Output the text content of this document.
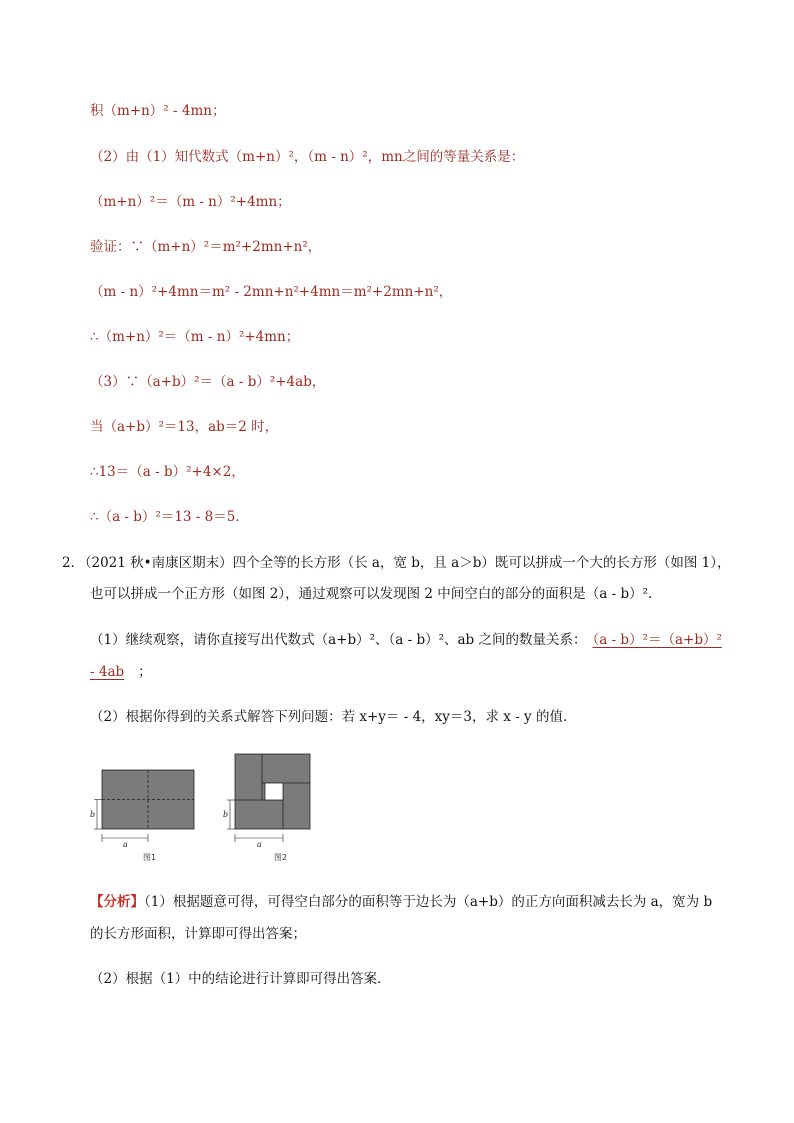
积（m+n）² - 4mn；
（2）由（1）知代数式（m+n）²，（m - n）²，mn之间的等量关系是：
（m+n）²＝（m - n）²+4mn；
验证：∵（m+n）²＝m²+2mn+n²，
（m - n）²+4mn＝m² - 2mn+n²+4mn＝m²+2mn+n²，
∴（m+n）²＝（m - n）²+4mn；
（3）∵（a+b）²＝（a - b）²+4ab，
当（a+b）²＝13，ab＝2 时，
∴13＝（a - b）²+4×2，
∴（a - b）²＝13 - 8＝5．
2．
（2021 秋•南康区期末）四个全等的长方形（长 a，宽 b，且 a＞b）既可以拼成一个大的长方形（如图 1），
也可以拼成一个正方形（如图 2），通过观察可以发现图 2 中间空白的部分的面积是（a - b）².
（1）继续观察，请你直接写出代数式（a+b）²、（a - b）²、ab 之间的数量关系： （a - b）²＝（a+b）²
- 4ab ；
（2）根据你得到的关系式解答下列问题：若 x+y＝ - 4，xy＝3，求 x - y 的值．
b
a
图1
b
a
图2
【分析】（1）根据题意可得，可得空白部分的面积等于边长为（a+b）的正方向面积减去长为 a，宽为 b
的长方形面积，计算即可得出答案；
（2）根据（1）中的结论进行计算即可得出答案．
